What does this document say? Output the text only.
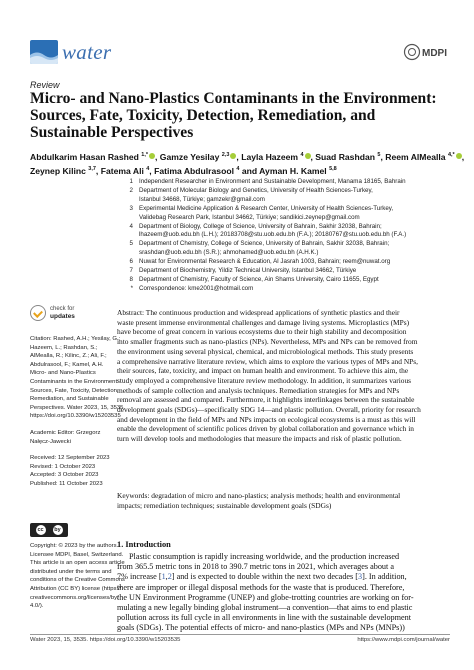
water	MDPI
Review
Micro- and Nano-Plastics Contaminants in the Environment:
Sources, Fate, Toxicity, Detection, Remediation, and
Sustainable Perspectives
Abdulkarim Hasan Rashed $^{1,*}$ , Gamze Yesilay $^{2,3}$ , Layla Hazeem $^4$ , Suad Rashdan $^5$, Reem AlMealla $^{4,*}$ ,
Zeynep Kilinc $^{3,7}$, Fatema Ali $^4$, Fatima Abdulrasool $^4$ and Ayman H. Kamel $^{5,8}$
1 Independent Researcher in Environment and Sustainable Development, Manama 18165, Bahrain
2 Department of Molecular Biology and Genetics, University of Health Sciences-Turkey,
Istanbul 34668, Türkiye; gamzekr@gmail.com
3 Experimental Medicine Application & Research Center, University of Health Sciences-Turkey,
Validebag Research Park, Istanbul 34662, Türkiye; sandikici.zeynep@gmail.com
4 Department of Biology, College of Science, University of Bahrain, Sakhir 32038, Bahrain;
lhazeem@uob.edu.bh (L.H.); 20183708@stu.uob.edu.bh (F.A.); 20180767@stu.uob.edu.bh (F.A.)
5 Department of Chemistry, College of Science, University of Bahrain, Sakhir 32038, Bahrain;
srashdan@uob.edu.bh (S.R.); ahmohamed@uob.edu.bh (A.H.K.)
6 Nuwat for Environmental Research & Education, Al Jasrah 1003, Bahrain; reem@nuwat.org
7 Department of Biochemistry, Yildiz Technical University, Istanbul 34662, Türkiye
8 Department of Chemistry, Faculty of Science, Ain Shams University, Cairo 11655, Egypt
* Correspondence: kme2001@hotmail.com
check for
updates
Citation: Rashed, A.H.; Yesilay, G.;
Hazeem, L.; Rashdan, S.;
AlMealla, R.; Kilinc, Z.; Ali, F.;
Abdulrasool, F.; Kamel, A.H.
Micro- and Nano-Plastics
Contaminants in the Environment:
Sources, Fate, Toxicity, Detection,
Remediation, and Sustainable
Perspectives. Water 2023, 15, 3535.
https://doi.org/10.3390/w15203535
Academic Editor: Grzegorz
Nałęcz-Jawecki
Received: 12 September 2023
Revised: 1 October 2023
Accepted: 3 October 2023
Published: 11 October 2023
cc	by
Copyright: © 2023 by the authors.
Licensee MDPI, Basel, Switzerland.
This article is an open access article
distributed under the terms and
conditions of the Creative Commons
Attribution (CC BY) license (https://
creativecommons.org/licenses/by/
4.0/).
Abstract: The continuous production and widespread applications of synthetic plastics and their
waste present immense environmental challenges and damage living systems. Microplastics (MPs)
have become of great concern in various ecosystems due to their high stability and decomposition
into smaller fragments such as nano-plastics (NPs). Nevertheless, MPs and NPs can be removed from
the environment using several physical, chemical, and microbiological methods. This study presents
a comprehensive narrative literature review, which aims to explore the various types of MPs and NPs,
their sources, fate, toxicity, and impact on human health and environment. To achieve this aim, the
study employed a comprehensive literature review methodology. In addition, it summarizes various
methods of sample collection and analysis techniques. Remediation strategies for MPs and NPs
removal are assessed and compared. Furthermore, it highlights interlinkages between the sustainable
development goals (SDGs)—specifically SDG 14—and plastic pollution. Overall, priority for research
and development in the field of MPs and NPs impacts on ecological ecosystems is a must as this will
enable the development of scientific polices driven by global collaboration and governance which in
turn will develop tools and methodologies that measure the impacts and risk of plastic pollution.
Keywords: degradation of micro and nano-plastics; analysis methods; health and environmental
impacts; remediation techniques; sustainable development goals (SDGs)
1. Introduction
Plastic consumption is rapidly increasing worldwide, and the production increased
from 365.5 metric tons in 2018 to 390.7 metric tons in 2021, which averages about a
7% increase [1,2] and is expected to double within the next two decades [3]. In addition,
there are improper or illegal disposal methods for the waste that is produced. Therefore,
the UN Environment Programme (UNEP) and globe-trotting countries are working on for-
mulating a new legally binding global instrument—a convention—that aims to end plastic
pollution across its full cycle in all environments in line with the sustainable development
goals (SDGs). The potential effects of micro- and nano-plastics (MPs and NPs (MNPs))
Water 2023, 15, 3535. https://doi.org/10.3390/w15203535	https://www.mdpi.com/journal/water
